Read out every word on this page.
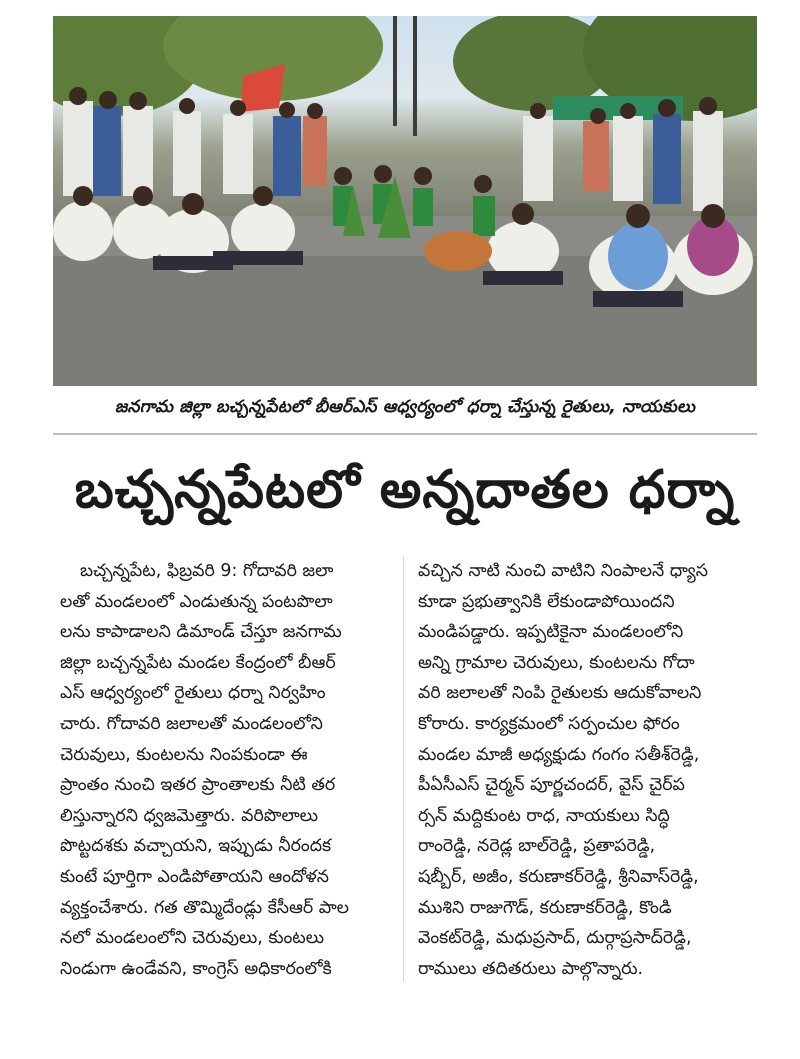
జనగామ జిల్లా బచ్చన్నపేటలో బీఆర్ఎస్ ఆధ్వర్యంలో ధర్నా చేస్తున్న రైతులు, నాయకులు
బచ్చన్నపేటలో అన్నదాతల ధర్నా
బచ్చన్నపేట, ఫిబ్రవరి 9: గోదావరి జలా
లతో మండలంలో ఎండుతున్న పంటపొలా
లను కాపాడాలని డిమాండ్ చేస్తూ జనగామ
జిల్లా బచ్చన్నపేట మండల కేంద్రంలో బీఆర్
ఎస్ ఆధ్వర్యంలో రైతులు ధర్నా నిర్వహిం
చారు. గోదావరి జలాలతో మండలంలోని
చెరువులు, కుంటలను నింపకుండా ఈ
ప్రాంతం నుంచి ఇతర ప్రాంతాలకు నీటి తర
లిస్తున్నారని ధ్వజమెత్తారు. వరిపొలాలు
పొట్టదశకు వచ్చాయని, ఇప్పుడు నీరందక
కుంటే పూర్తిగా ఎండిపోతాయని ఆందోళన
వ్యక్తంచేశారు. గత తొమ్మిదేండ్లు కేసీఆర్ పాల
నలో మండలంలోని చెరువులు, కుంటలు
నిండుగా ఉండేవని, కాంగ్రెస్ అధికారంలోకి
వచ్చిన నాటి నుంచి వాటిని నింపాలనే ధ్యాస
కూడా ప్రభుత్వానికి లేకుండాపోయిందని
మండిపడ్డారు. ఇప్పటికైనా మండలంలోని
అన్ని గ్రామాల చెరువులు, కుంటలను గోదా
వరి జలాలతో నింపి రైతులకు ఆదుకోవాలని
కోరారు. కార్యక్రమంలో సర్పంచుల ఫోరం
మండల మాజీ అధ్యక్షుడు గంగం సతీశ్‌రెడ్డి,
పీఏసీఎస్ చైర్మన్ పూర్ణచందర్, వైస్ చైర్‌ప
ర్సన్ మద్దికుంట రాధ, నాయకులు సిద్ధి
రాంరెడ్డి, నరెడ్ల బాల్‌రెడ్డి, ప్రతాపరెడ్డి,
షబ్బీర్, అజీం, కరుణాకర్‌రెడ్డి, శ్రీనివాస్‌రెడ్డి,
ముశిని రాజుగౌడ్, కరుణాకర్‌రెడ్డి, కొండి
వెంకట్‌రెడ్డి, మధుప్రసాద్, దుర్గాప్రసాద్‌రెడ్డి,
రాములు తదితరులు పాల్గొన్నారు.
